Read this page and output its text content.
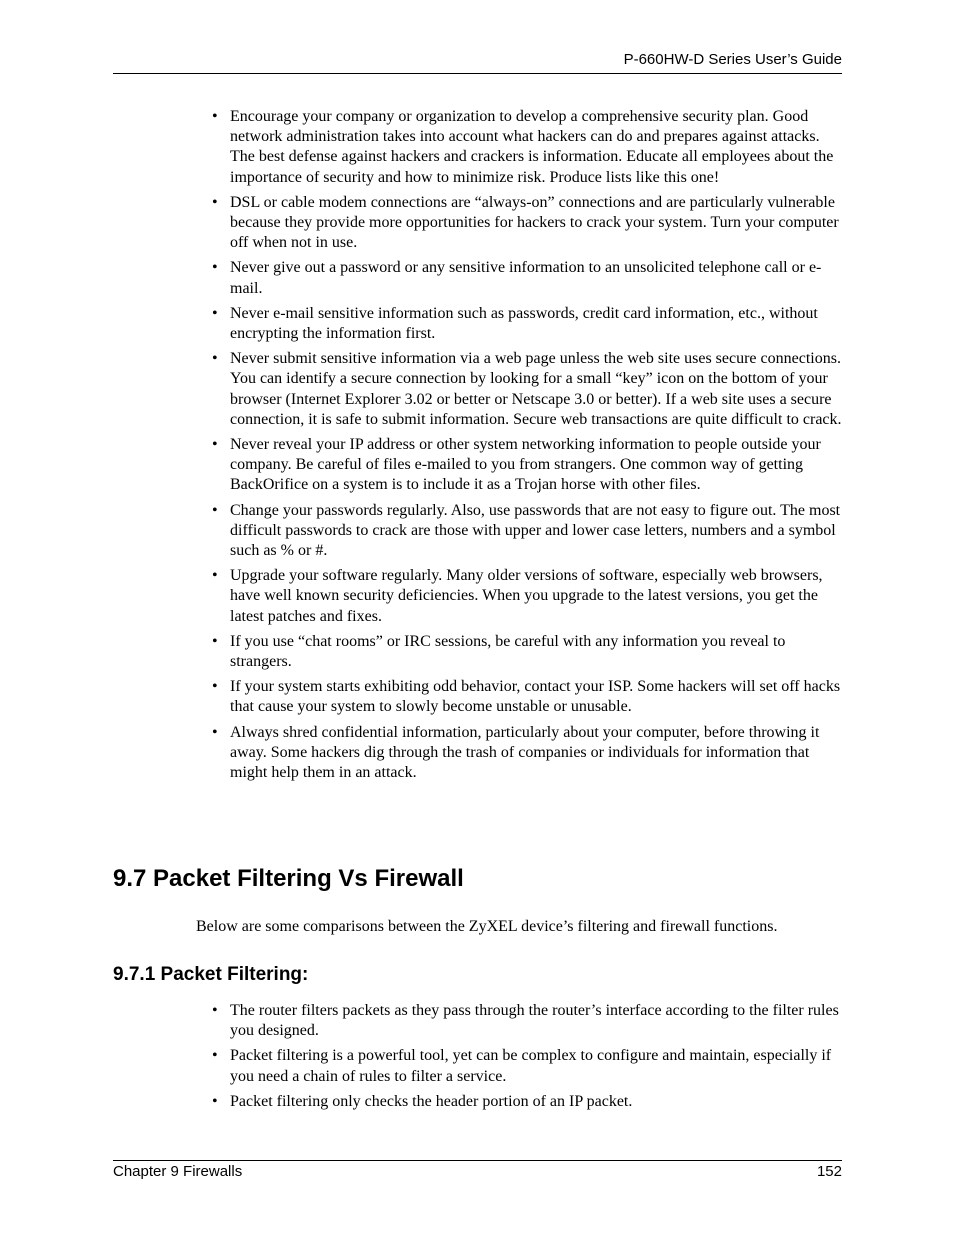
P-660HW-D Series User’s Guide
• Encourage your company or organization to develop a comprehensive security plan. Good network administration takes into account what hackers can do and prepares against attacks. The best defense against hackers and crackers is information. Educate all employees about the importance of security and how to minimize risk. Produce lists like this one!
• DSL or cable modem connections are “always-on” connections and are particularly vulnerable because they provide more opportunities for hackers to crack your system. Turn your computer off when not in use.
• Never give out a password or any sensitive information to an unsolicited telephone call or e-mail.
• Never e-mail sensitive information such as passwords, credit card information, etc., without encrypting the information first.
• Never submit sensitive information via a web page unless the web site uses secure connections. You can identify a secure connection by looking for a small “key” icon on the bottom of your browser (Internet Explorer 3.02 or better or Netscape 3.0 or better). If a web site uses a secure connection, it is safe to submit information. Secure web transactions are quite difficult to crack.
• Never reveal your IP address or other system networking information to people outside your company. Be careful of files e-mailed to you from strangers. One common way of getting BackOrifice on a system is to include it as a Trojan horse with other files.
• Change your passwords regularly. Also, use passwords that are not easy to figure out. The most difficult passwords to crack are those with upper and lower case letters, numbers and a symbol such as % or #.
• Upgrade your software regularly. Many older versions of software, especially web browsers, have well known security deficiencies. When you upgrade to the latest versions, you get the latest patches and fixes.
• If you use “chat rooms” or IRC sessions, be careful with any information you reveal to strangers.
• If your system starts exhibiting odd behavior, contact your ISP. Some hackers will set off hacks that cause your system to slowly become unstable or unusable.
• Always shred confidential information, particularly about your computer, before throwing it away. Some hackers dig through the trash of companies or individuals for information that might help them in an attack.
9.7 Packet Filtering Vs Firewall

Below are some comparisons between the ZyXEL device’s filtering and firewall functions.

9.7.1 Packet Filtering:
• The router filters packets as they pass through the router’s interface according to the filter rules you designed.
• Packet filtering is a powerful tool, yet can be complex to configure and maintain, especially if you need a chain of rules to filter a service.
• Packet filtering only checks the header portion of an IP packet.
Chapter 9 Firewalls	152
